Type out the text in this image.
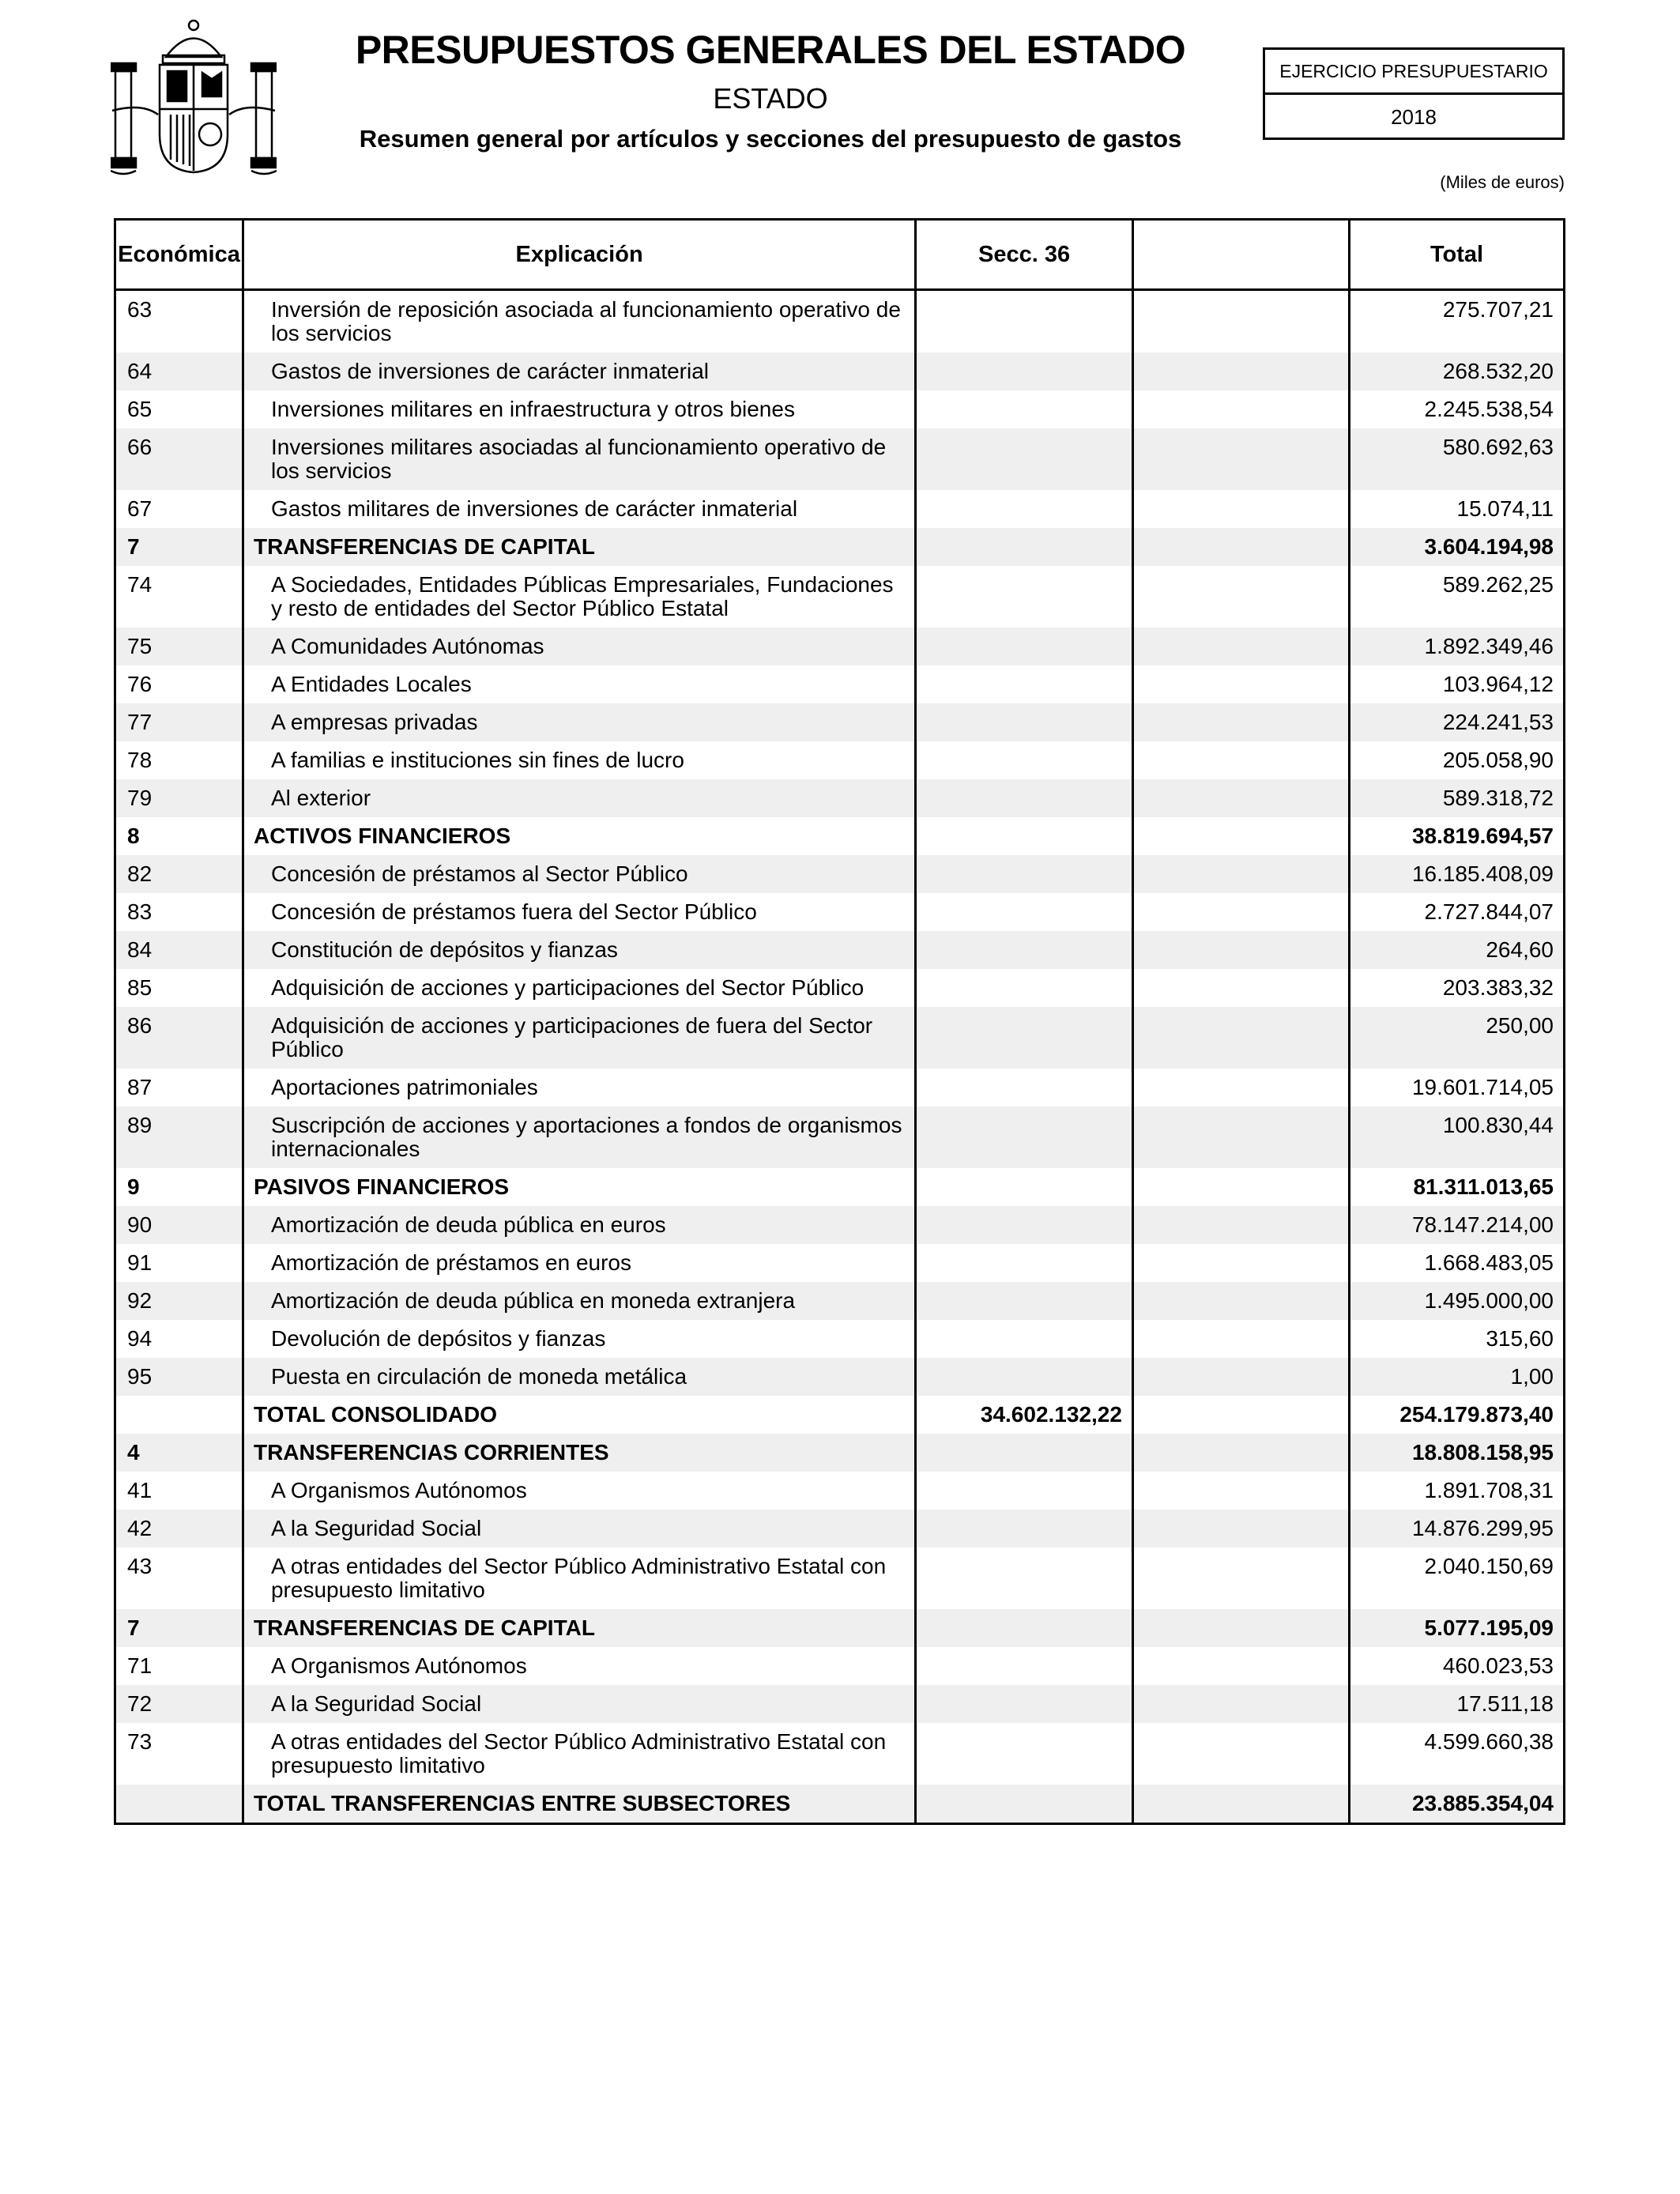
PRESUPUESTOS GENERALES DEL ESTADO
ESTADO
Resumen general por artículos y secciones del presupuesto de gastos
EJERCICIO PRESUPUESTARIO
2018
(Miles de euros)
Económica	Explicación	Secc. 36		Total
63	Inversión de reposición asociada al funcionamiento operativo de los servicios			275.707,21
64	Gastos de inversiones de carácter inmaterial			268.532,20
65	Inversiones militares en infraestructura y otros bienes			2.245.538,54
66	Inversiones militares asociadas al funcionamiento operativo de los servicios			580.692,63
67	Gastos militares de inversiones de carácter inmaterial			15.074,11
7	TRANSFERENCIAS DE CAPITAL			3.604.194,98
74	A Sociedades, Entidades Públicas Empresariales, Fundaciones y resto de entidades del Sector Público Estatal			589.262,25
75	A Comunidades Autónomas			1.892.349,46
76	A Entidades Locales			103.964,12
77	A empresas privadas			224.241,53
78	A familias e instituciones sin fines de lucro			205.058,90
79	Al exterior			589.318,72
8	ACTIVOS FINANCIEROS			38.819.694,57
82	Concesión de préstamos al Sector Público			16.185.408,09
83	Concesión de préstamos fuera del Sector Público			2.727.844,07
84	Constitución de depósitos y fianzas			264,60
85	Adquisición de acciones y participaciones del Sector Público			203.383,32
86	Adquisición de acciones y participaciones de fuera del Sector Público			250,00
87	Aportaciones patrimoniales			19.601.714,05
89	Suscripción de acciones y aportaciones a fondos de organismos internacionales			100.830,44
9	PASIVOS FINANCIEROS			81.311.013,65
90	Amortización de deuda pública en euros			78.147.214,00
91	Amortización de préstamos en euros			1.668.483,05
92	Amortización de deuda pública en moneda extranjera			1.495.000,00
94	Devolución de depósitos y fianzas			315,60
95	Puesta en circulación de moneda metálica			1,00
	TOTAL CONSOLIDADO	34.602.132,22		254.179.873,40
4	TRANSFERENCIAS CORRIENTES			18.808.158,95
41	A Organismos Autónomos			1.891.708,31
42	A la Seguridad Social			14.876.299,95
43	A otras entidades del Sector Público Administrativo Estatal con presupuesto limitativo			2.040.150,69
7	TRANSFERENCIAS DE CAPITAL			5.077.195,09
71	A Organismos Autónomos			460.023,53
72	A la Seguridad Social			17.511,18
73	A otras entidades del Sector Público Administrativo Estatal con presupuesto limitativo			4.599.660,38
	TOTAL TRANSFERENCIAS ENTRE SUBSECTORES			23.885.354,04
